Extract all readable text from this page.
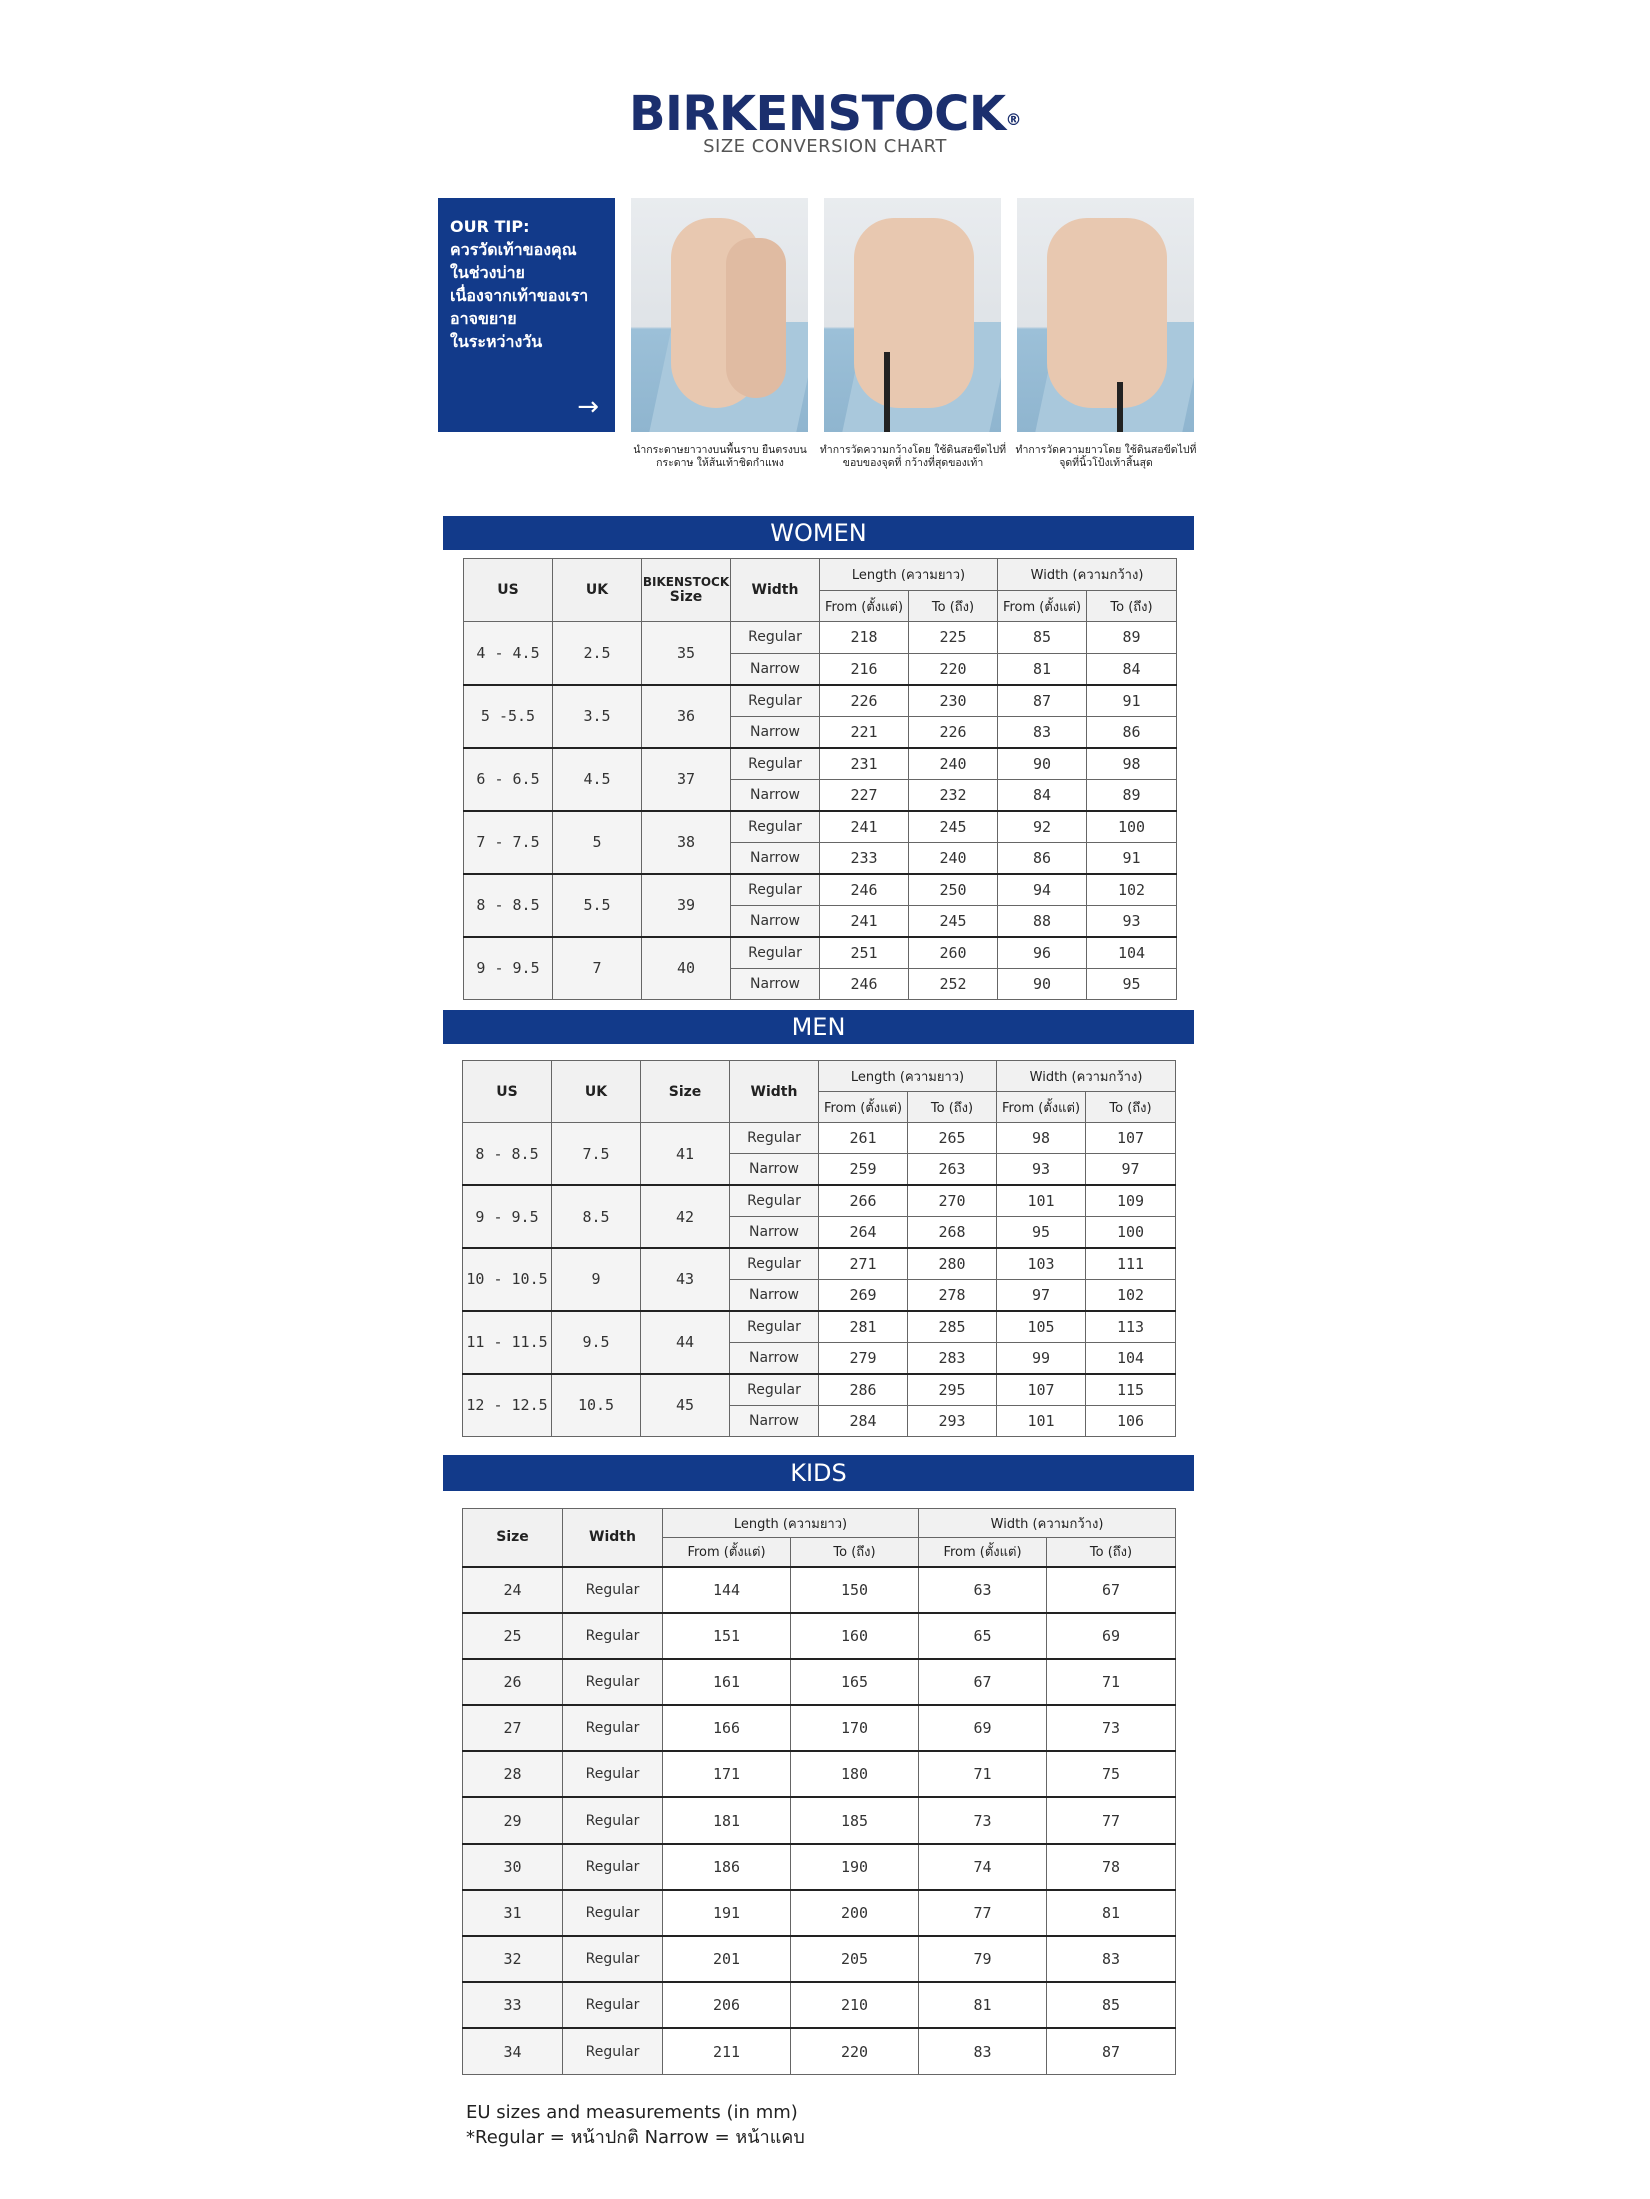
BIRKENSTOCK®
SIZE CONVERSION CHART
OUR TIP:
ควรวัดเท้าของคุณ
ในช่วงบ่าย
เนื่องจากเท้าของเรา
อาจขยาย
ในระหว่างวัน
→
นำกระดาษยาวางบนพื้นราบ ยืนตรงบนกระดาษ ให้ส้นเท้าชิดกำแพง
ทำการวัดความกว้างโดย ใช้ดินสอขีดไปที่ขอบของจุดที่ กว้างที่สุดของเท้า
ทำการวัดความยาวโดย ใช้ดินสอขีดไปที่ จุดที่นิ้วโป้งเท้าสิ้นสุด
WOMEN
US	UK	BIKENSTOCK
Size	Width	Length (ความยาว)		Width (ความกว้าง)	
				From (ตั้งแต่)	To (ถึง)	From (ตั้งแต่)	To (ถึง)
4 - 4.5	2.5	35	Regular	218	225	85	89
			Narrow	216	220	81	84
5 -5.5	3.5	36	Regular	226	230	87	91
			Narrow	221	226	83	86
6 - 6.5	4.5	37	Regular	231	240	90	98
			Narrow	227	232	84	89
7 - 7.5	5	38	Regular	241	245	92	100
			Narrow	233	240	86	91
8 - 8.5	5.5	39	Regular	246	250	94	102
			Narrow	241	245	88	93
9 - 9.5	7	40	Regular	251	260	96	104
			Narrow	246	252	90	95
MEN
US	UK	Size	Width	Length (ความยาว)		Width (ความกว้าง)	
				From (ตั้งแต่)	To (ถึง)	From (ตั้งแต่)	To (ถึง)
8 - 8.5	7.5	41	Regular	261	265	98	107
			Narrow	259	263	93	97
9 - 9.5	8.5	42	Regular	266	270	101	109
			Narrow	264	268	95	100
10 - 10.5	9	43	Regular	271	280	103	111
			Narrow	269	278	97	102
11 - 11.5	9.5	44	Regular	281	285	105	113
			Narrow	279	283	99	104
12 - 12.5	10.5	45	Regular	286	295	107	115
			Narrow	284	293	101	106
KIDS
Size	Width	Length (ความยาว)		Width (ความกว้าง)	
		From (ตั้งแต่)	To (ถึง)	From (ตั้งแต่)	To (ถึง)
24	Regular	144	150	63	67
25	Regular	151	160	65	69
26	Regular	161	165	67	71
27	Regular	166	170	69	73
28	Regular	171	180	71	75
29	Regular	181	185	73	77
30	Regular	186	190	74	78
31	Regular	191	200	77	81
32	Regular	201	205	79	83
33	Regular	206	210	81	85
34	Regular	211	220	83	87
EU sizes and measurements (in mm)
*Regular = หน้าปกติ Narrow = หน้าแคบ
